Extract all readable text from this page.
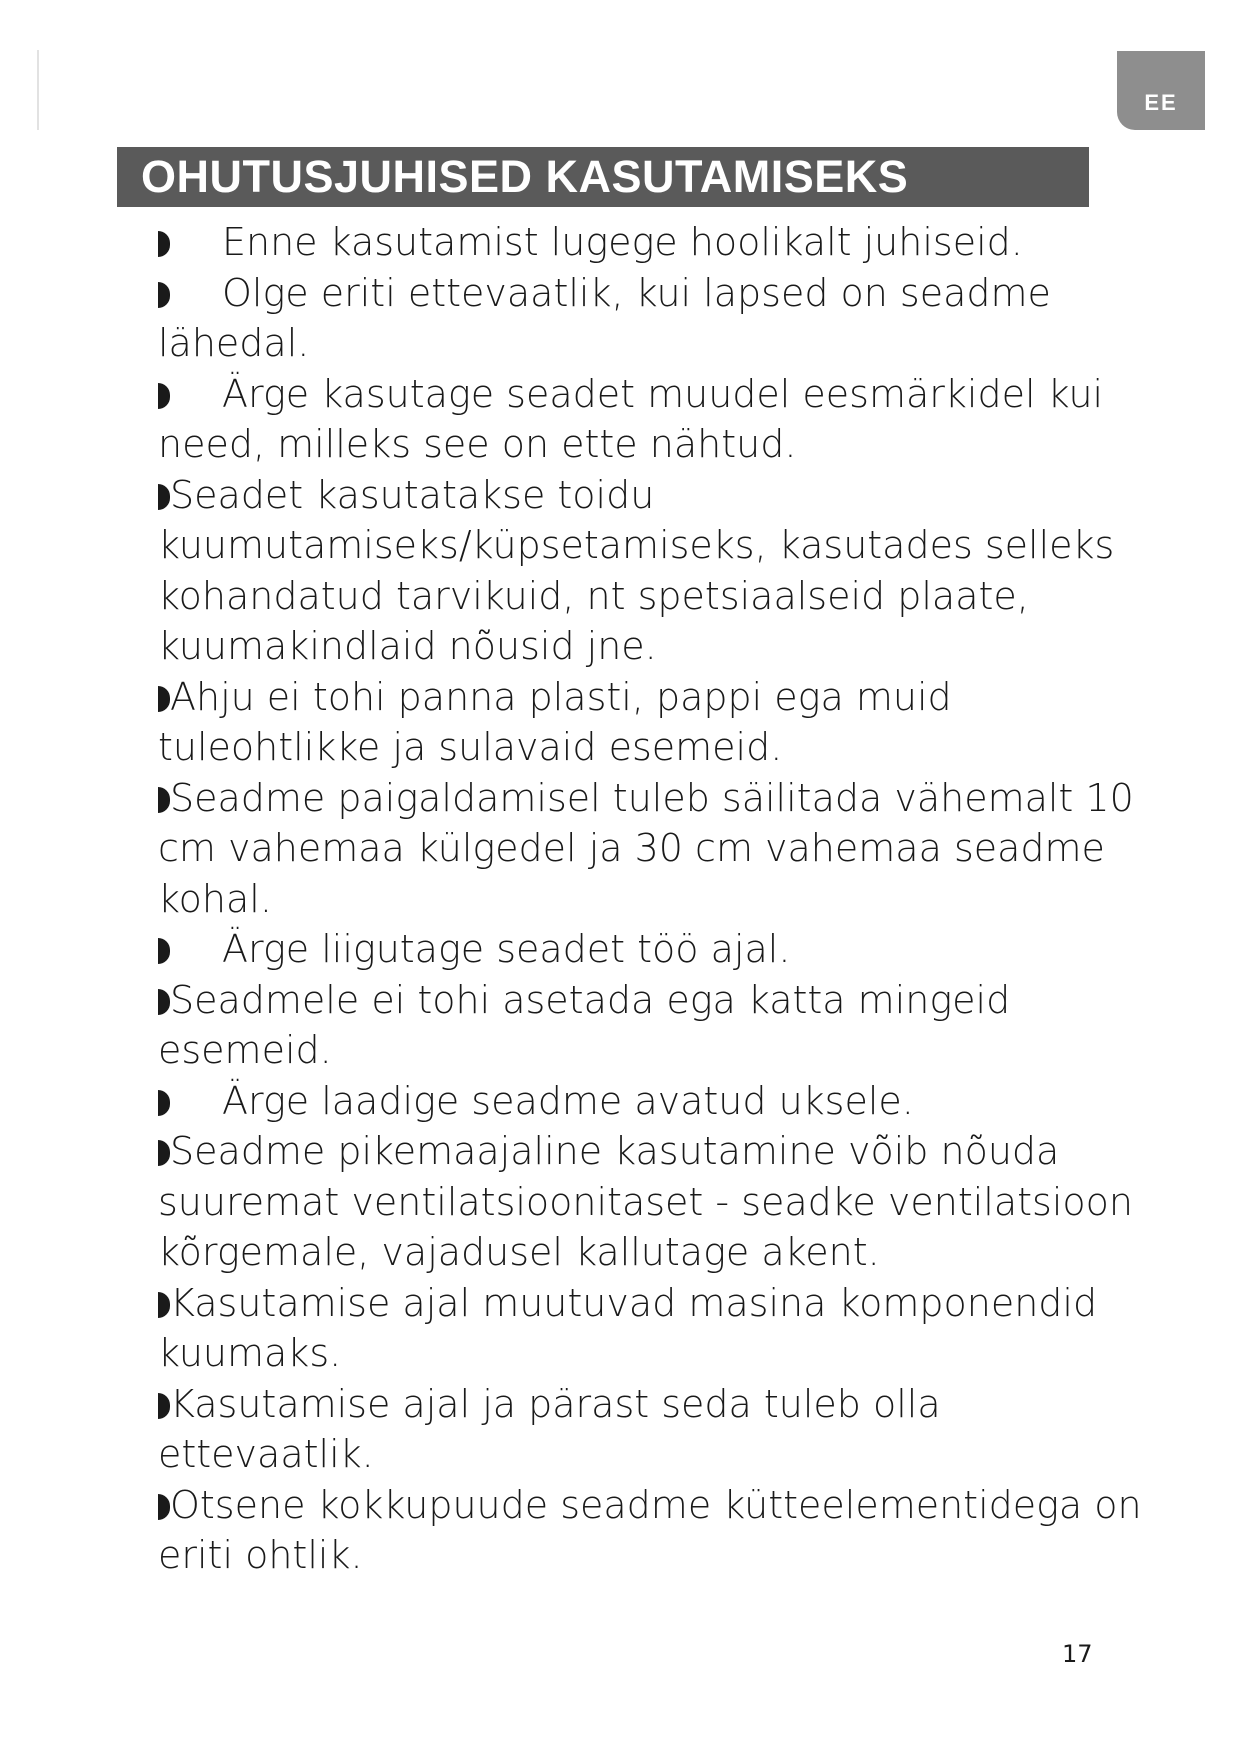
EE
OHUTUSJUHISED KASUTAMISEKS

Enne kasutamist lugege hoolikalt juhiseid.

Olge eriti ettevaatlik, kui lapsed on seadme lähedal.

Ärge kasutage seadet muudel eesmärkidel kui need, milleks see on ette nähtud.

Seadet kasutatakse toidu kuumutamiseks/küpsetamiseks, kasutades selleks kohandatud tarvikuid, nt spetsiaalseid plaate, kuumakindlaid nõusid jne.

Ahju ei tohi panna plasti, pappi ega muid tuleohtlikke ja sulavaid esemeid.

Seadme paigaldamisel tuleb säilitada vähemalt 10 cm vahemaa külgedel ja 30 cm vahemaa seadme kohal.

Ärge liigutage seadet töö ajal.

Seadmele ei tohi asetada ega katta mingeid esemeid.

Ärge laadige seadme avatud uksele.

Seadme pikemaajaline kasutamine võib nõuda suuremat ventilatsioonitaset - seadke ventilatsioon kõrgemale, vajadusel kallutage akent.

Kasutamise ajal muutuvad masina komponendid kuumaks.

Kasutamise ajal ja pärast seda tuleb olla ettevaatlik.

Otsene kokkupuude seadme kütteelementidega on eriti ohtlik.

17
